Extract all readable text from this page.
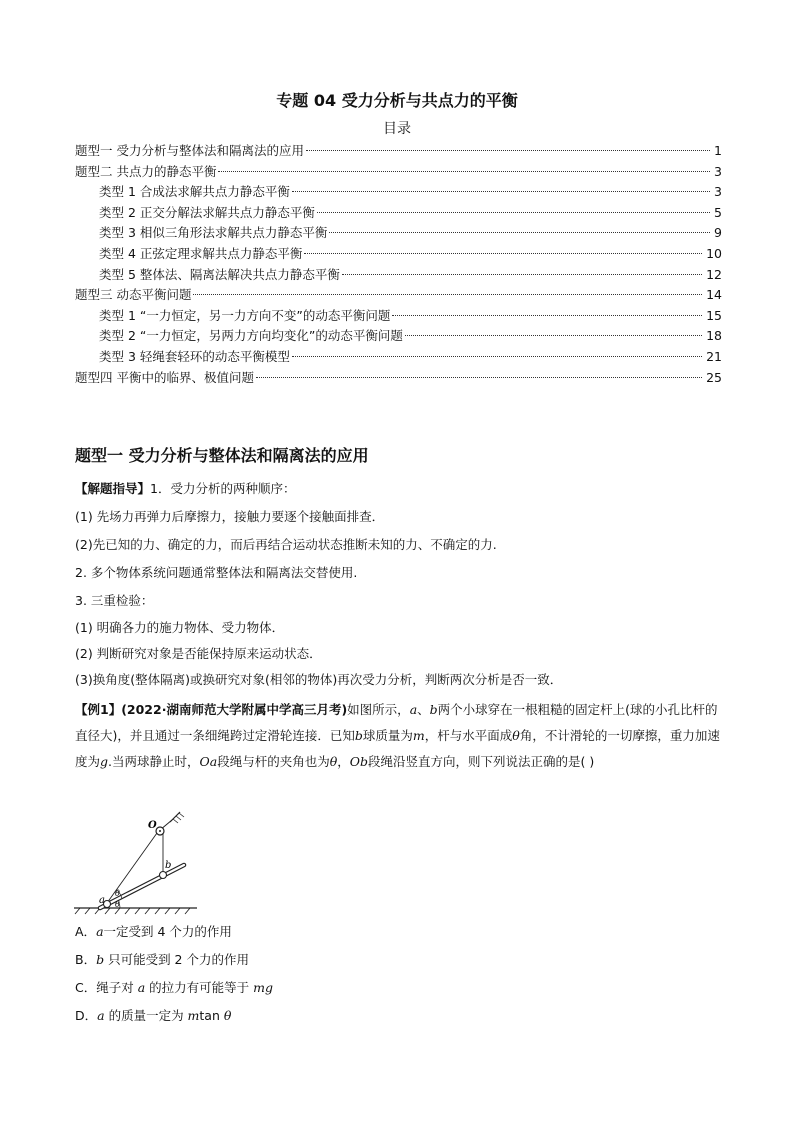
专题 04 受力分析与共点力的平衡
目录
题型一 受力分析与整体法和隔离法的应用	1
题型二 共点力的静态平衡	3
类型 1 合成法求解共点力静态平衡	3
类型 2 正交分解法求解共点力静态平衡	5
类型 3 相似三角形法求解共点力静态平衡	9
类型 4 正弦定理求解共点力静态平衡	10
类型 5 整体法、隔离法解决共点力静态平衡	12
题型三 动态平衡问题	14
类型 1 “一力恒定，另一力方向不变”的动态平衡问题	15
类型 2 “一力恒定，另两力方向均变化”的动态平衡问题	18
类型 3 轻绳套轻环的动态平衡模型	21
题型四 平衡中的临界、极值问题	25
题型一 受力分析与整体法和隔离法的应用
【解题指导】1．受力分析的两种顺序：
(1) 先场力再弹力后摩擦力，接触力要逐个接触面排查．
(2)先已知的力、确定的力，而后再结合运动状态推断未知的力、不确定的力.
2. 多个物体系统问题通常整体法和隔离法交替使用.
3. 三重检验：
(1) 明确各力的施力物体、受力物体．
(2) 判断研究对象是否能保持原来运动状态．
(3)换角度(整体隔离)或换研究对象(相邻的物体)再次受力分析，判断两次分析是否一致．
【例1】(2022·湖南师范大学附属中学高三月考)如图所示，a、b两个小球穿在一根粗糙的固定杆上(球的小孔比杆的直径大)，并且通过一条细绳跨过定滑轮连接．已知b球质量为m，杆与水平面成θ角，不计滑轮的一切摩擦，重力加速度为g.当两球静止时，Oa段绳与杆的夹角也为θ，Ob段绳沿竖直方向，则下列说法正确的是( )
O
b
a
θ
θ
A．a一定受到 4 个力的作用
B．b 只可能受到 2 个力的作用
C．绳子对 a 的拉力有可能等于 mg
D．a 的质量一定为 mtan θ
